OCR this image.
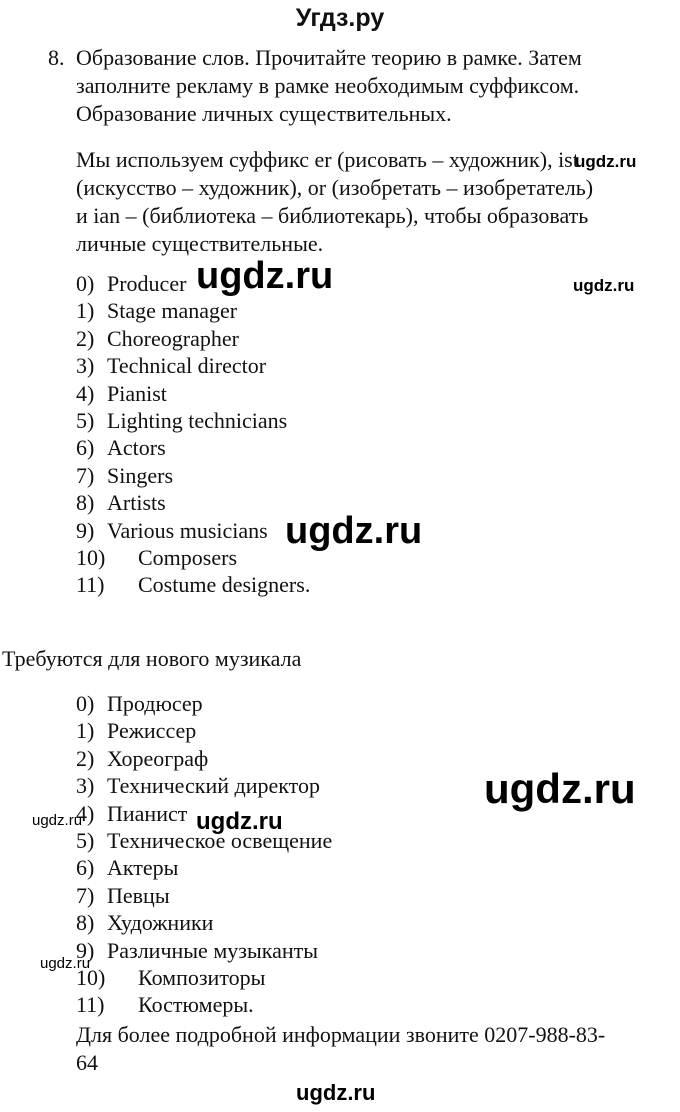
Угдз.ру
8. Образование слов. Прочитайте теорию в рамке. Затем
заполните рекламу в рамке необходимым суффиксом.
Образование личных существительных.
Мы используем суффикс er (рисовать – художник), ist
(искусство – художник), or (изобретать – изобретатель)
и ian – (библиотека – библиотекарь), чтобы образовать
личные существительные.
0) Producer
1) Stage manager
2) Choreographer
3) Technical director
4) Pianist
5) Lighting technicians
6) Actors
7) Singers
8) Artists
9) Various musicians
10) Composers
11) Costume designers.
Требуются для нового музикала
0) Продюсер
1) Режиссер
2) Хореограф
3) Технический директор
4) Пианист
5) Техническое освещение
6) Актеры
7) Певцы
8) Художники
9) Различные музыканты
10) Композиторы
11) Костюмеры.
Для более подробной информации звоните 0207-988-83-
64
ugdz.ru
ugdz.ru	ugdz.ru
ugdz.ru
ugdz.ru
ugdz.ru	ugdz.ru
ugdz.ru
ugdz.ru
